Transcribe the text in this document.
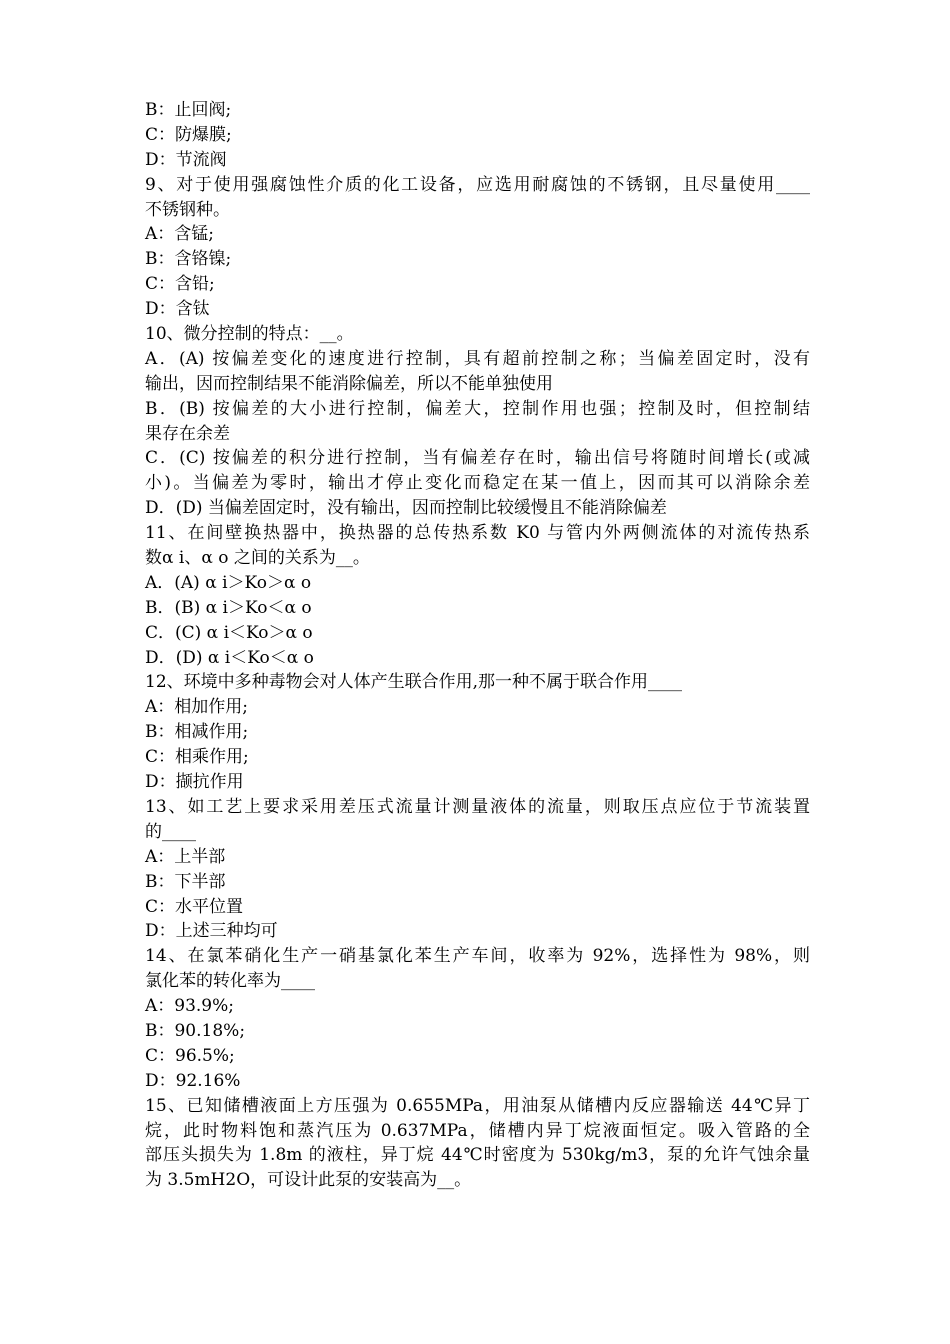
B：止回阀;
C：防爆膜;
D：节流阀
9、对于使用强腐蚀性介质的化工设备，应选用耐腐蚀的不锈钢，且尽量使用____
不锈钢种。
A：含锰;
B：含铬镍;
C：含铅;
D：含钛
10、微分控制的特点：__。
A．(A) 按偏差变化的速度进行控制，具有超前控制之称；当偏差固定时，没有
输出，因而控制结果不能消除偏差，所以不能单独使用
B．(B) 按偏差的大小进行控制，偏差大，控制作用也强；控制及时，但控制结
果存在余差
C．(C) 按偏差的积分进行控制，当有偏差存在时，输出信号将随时间增长(或减
小)。当偏差为零时，输出才停止变化而稳定在某一值上，因而其可以消除余差
D．(D) 当偏差固定时，没有输出，因而控制比较缓慢且不能消除偏差
11、在间壁换热器中，换热器的总传热系数 K0 与管内外两侧流体的对流传热系
数α i、α o 之间的关系为__。
A．(A) α i＞Ko＞α o
B．(B) α i＞Ko＜α o
C．(C) α i＜Ko＞α o
D．(D) α i＜Ko＜α o
12、环境中多种毒物会对人体产生联合作用,那一种不属于联合作用____
A：相加作用;
B：相减作用;
C：相乘作用;
D：撷抗作用
13、如工艺上要求采用差压式流量计测量液体的流量，则取压点应位于节流装置
的____
A：上半部
B：下半部
C：水平位置
D：上述三种均可
14、在氯苯硝化生产一硝基氯化苯生产车间，收率为 92%，选择性为 98%，则
氯化苯的转化率为____
A：93.9%;
B：90.18%;
C：96.5%;
D：92.16%
15、已知储槽液面上方压强为 0.655MPa，用油泵从储槽内反应器输送 44℃异丁
烷，此时物料饱和蒸汽压为 0.637MPa，储槽内异丁烷液面恒定。吸入管路的全
部压头损失为 1.8m 的液柱，异丁烷 44℃时密度为 530kg/m3，泵的允许气蚀余量
为 3.5mH2O，可设计此泵的安装高为__。
